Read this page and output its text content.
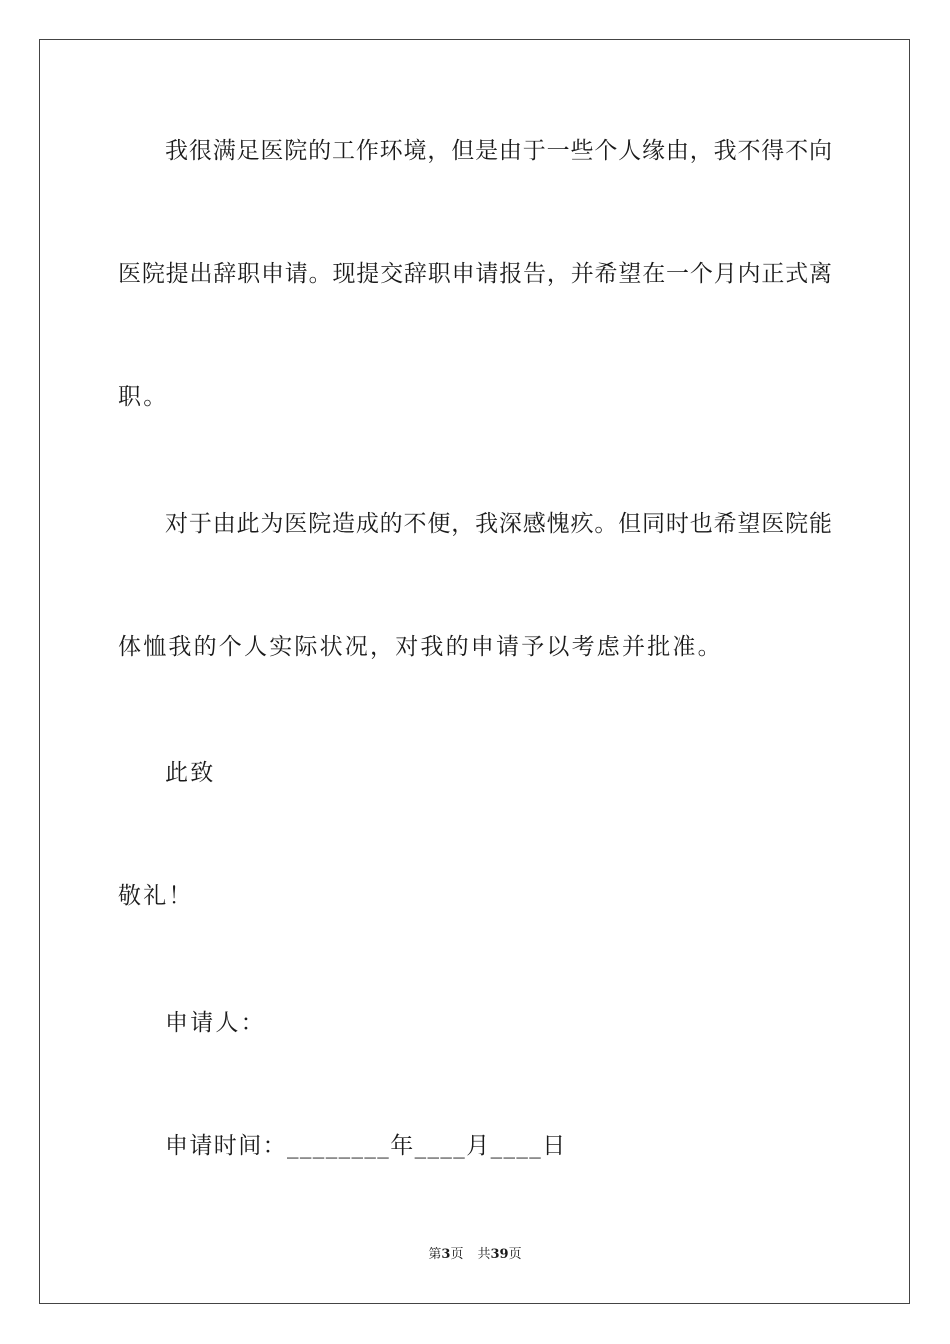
我很满足医院的工作环境，但是由于一些个人缘由，我不得不向
医院提出辞职申请。现提交辞职申请报告，并希望在一个月内正式离
职。
对于由此为医院造成的不便，我深感愧疚。但同时也希望医院能
体恤我的个人实际状况，对我的申请予以考虑并批准。
此致
敬礼！
申请人：
申请时间：________年____月____日
第3页 共39页
